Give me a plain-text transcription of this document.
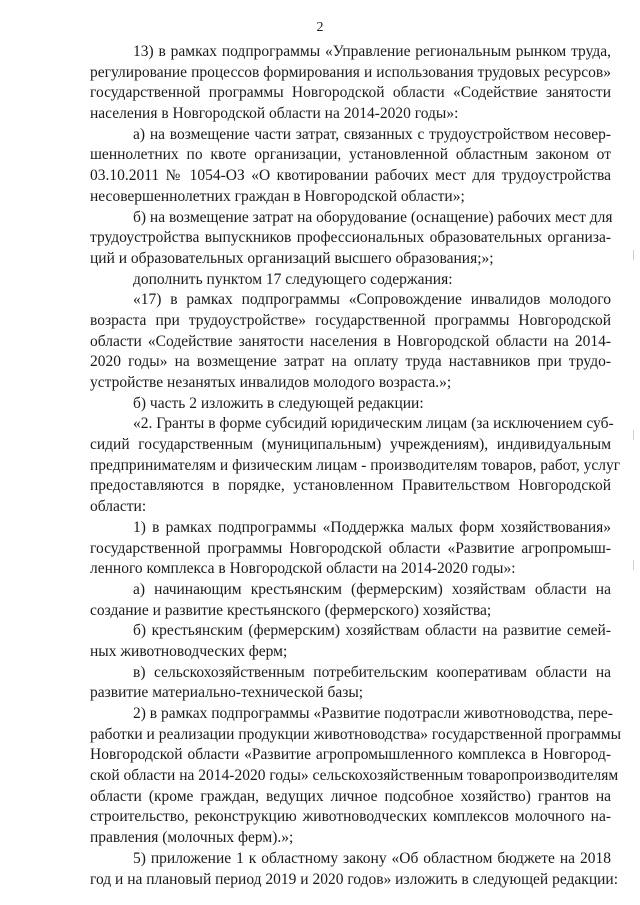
2
13) в рамках подпрограммы «Управление региональным рынком труда,
регулирование процессов формирования и использования трудовых ресурсов»
государственной программы Новгородской области «Содействие занятости
населения в Новгородской области на 2014-2020 годы»:
а) на возмещение части затрат, связанных с трудоустройством несовер-
шеннолетних по квоте организации, установленной областным законом от
03.10.2011 № 1054-ОЗ «О квотировании рабочих мест для трудоустройства
несовершеннолетних граждан в Новгородской области»;
б) на возмещение затрат на оборудование (оснащение) рабочих мест для
трудоустройства выпускников профессиональных образовательных организа-
ций и образовательных организаций высшего образования;»;
дополнить пунктом 17 следующего содержания:
«17) в рамках подпрограммы «Сопровождение инвалидов молодого
возраста при трудоустройстве» государственной программы Новгородской
области «Содействие занятости населения в Новгородской области на 2014-
2020 годы» на возмещение затрат на оплату труда наставников при трудо-
устройстве незанятых инвалидов молодого возраста.»;
б) часть 2 изложить в следующей редакции:
«2. Гранты в форме субсидий юридическим лицам (за исключением суб-
сидий государственным (муниципальным) учреждениям), индивидуальным
предпринимателям и физическим лицам - производителям товаров, работ, услуг
предоставляются в порядке, установленном Правительством Новгородской
области:
1) в рамках подпрограммы «Поддержка малых форм хозяйствования»
государственной программы Новгородской области «Развитие агропромыш-
ленного комплекса в Новгородской области на 2014-2020 годы»:
а) начинающим крестьянским (фермерским) хозяйствам области на
создание и развитие крестьянского (фермерского) хозяйства;
б) крестьянским (фермерским) хозяйствам области на развитие семей-
ных животноводческих ферм;
в) сельскохозяйственным потребительским кооперативам области на
развитие материально-технической базы;
2) в рамках подпрограммы «Развитие подотрасли животноводства, пере-
работки и реализации продукции животноводства» государственной программы
Новгородской области «Развитие агропромышленного комплекса в Новгород-
ской области на 2014-2020 годы» сельскохозяйственным товаропроизводителям
области (кроме граждан, ведущих личное подсобное хозяйство) грантов на
строительство, реконструкцию животноводческих комплексов молочного на-
правления (молочных ферм).»;
5) приложение 1 к областному закону «Об областном бюджете на 2018
год и на плановый период 2019 и 2020 годов» изложить в следующей редакции:
